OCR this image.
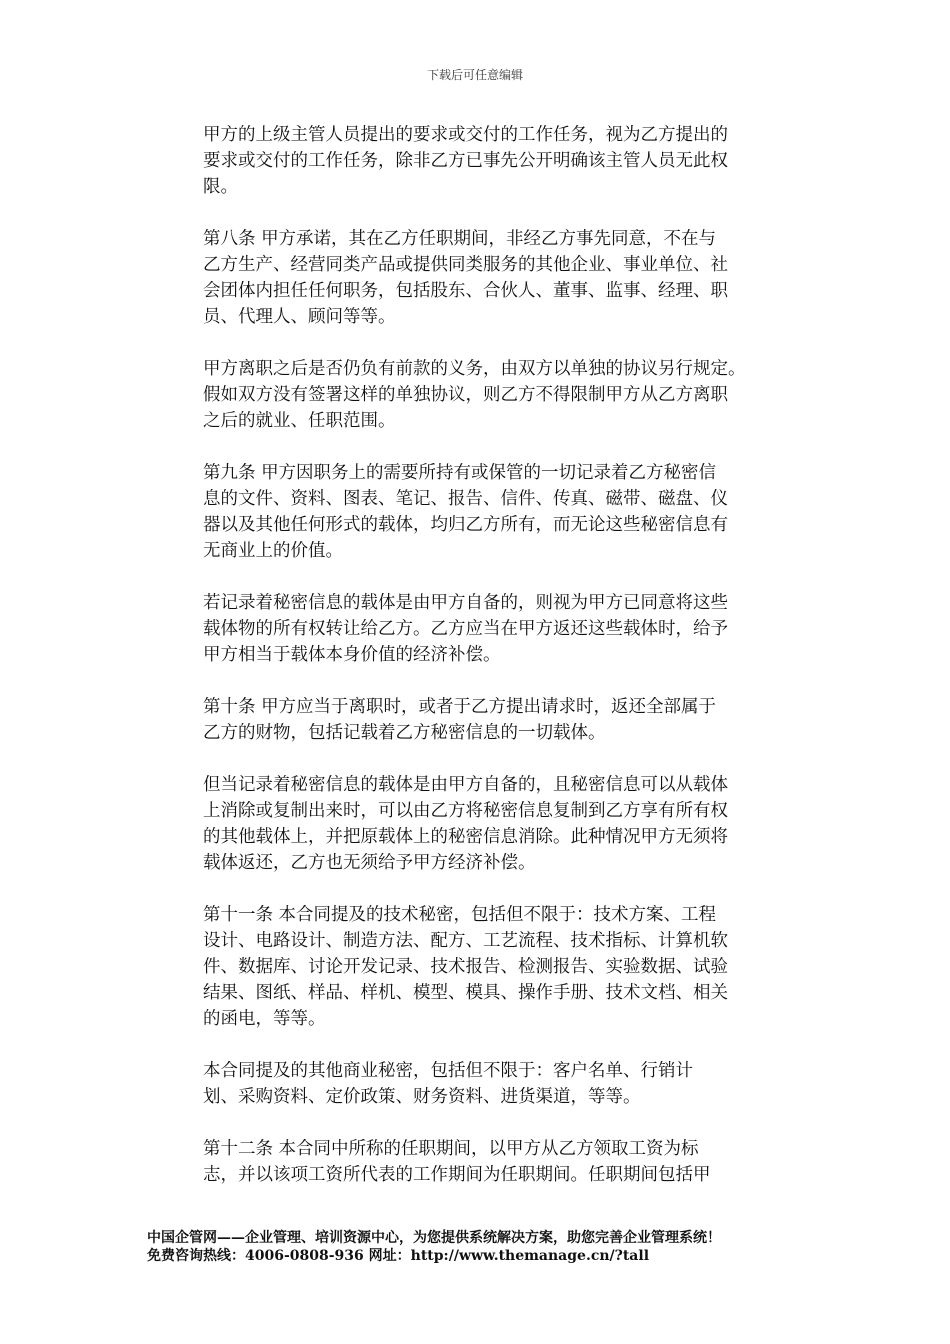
下载后可任意编辑

甲方的上级主管人员提出的要求或交付的工作任务，视为乙方提出的
要求或交付的工作任务，除非乙方已事先公开明确该主管人员无此权
限。

第八条 甲方承诺，其在乙方任职期间，非经乙方事先同意，不在与
乙方生产、经营同类产品或提供同类服务的其他企业、事业单位、社
会团体内担任任何职务，包括股东、合伙人、董事、监事、经理、职
员、代理人、顾问等等。

甲方离职之后是否仍负有前款的义务，由双方以单独的协议另行规定。
假如双方没有签署这样的单独协议，则乙方不得限制甲方从乙方离职
之后的就业、任职范围。

第九条 甲方因职务上的需要所持有或保管的一切记录着乙方秘密信
息的文件、资料、图表、笔记、报告、信件、传真、磁带、磁盘、仪
器以及其他任何形式的载体，均归乙方所有，而无论这些秘密信息有
无商业上的价值。

若记录着秘密信息的载体是由甲方自备的，则视为甲方已同意将这些
载体物的所有权转让给乙方。乙方应当在甲方返还这些载体时，给予
甲方相当于载体本身价值的经济补偿。

第十条 甲方应当于离职时，或者于乙方提出请求时，返还全部属于
乙方的财物，包括记载着乙方秘密信息的一切载体。

但当记录着秘密信息的载体是由甲方自备的，且秘密信息可以从载体
上消除或复制出来时，可以由乙方将秘密信息复制到乙方享有所有权
的其他载体上，并把原载体上的秘密信息消除。此种情况甲方无须将
载体返还，乙方也无须给予甲方经济补偿。

第十一条 本合同提及的技术秘密，包括但不限于：技术方案、工程
设计、电路设计、制造方法、配方、工艺流程、技术指标、计算机软
件、数据库、讨论开发记录、技术报告、检测报告、实验数据、试验
结果、图纸、样品、样机、模型、模具、操作手册、技术文档、相关
的函电，等等。

本合同提及的其他商业秘密，包括但不限于：客户名单、行销计
划、采购资料、定价政策、财务资料、进货渠道，等等。

第十二条 本合同中所称的任职期间，以甲方从乙方领取工资为标
志，并以该项工资所代表的工作期间为任职期间。任职期间包括甲

中国企管网——企业管理、培训资源中心，为您提供系统解决方案，助您完善企业管理系统！
免费咨询热线：4006-0808-936 网址：http://www.themanage.cn/?tall
